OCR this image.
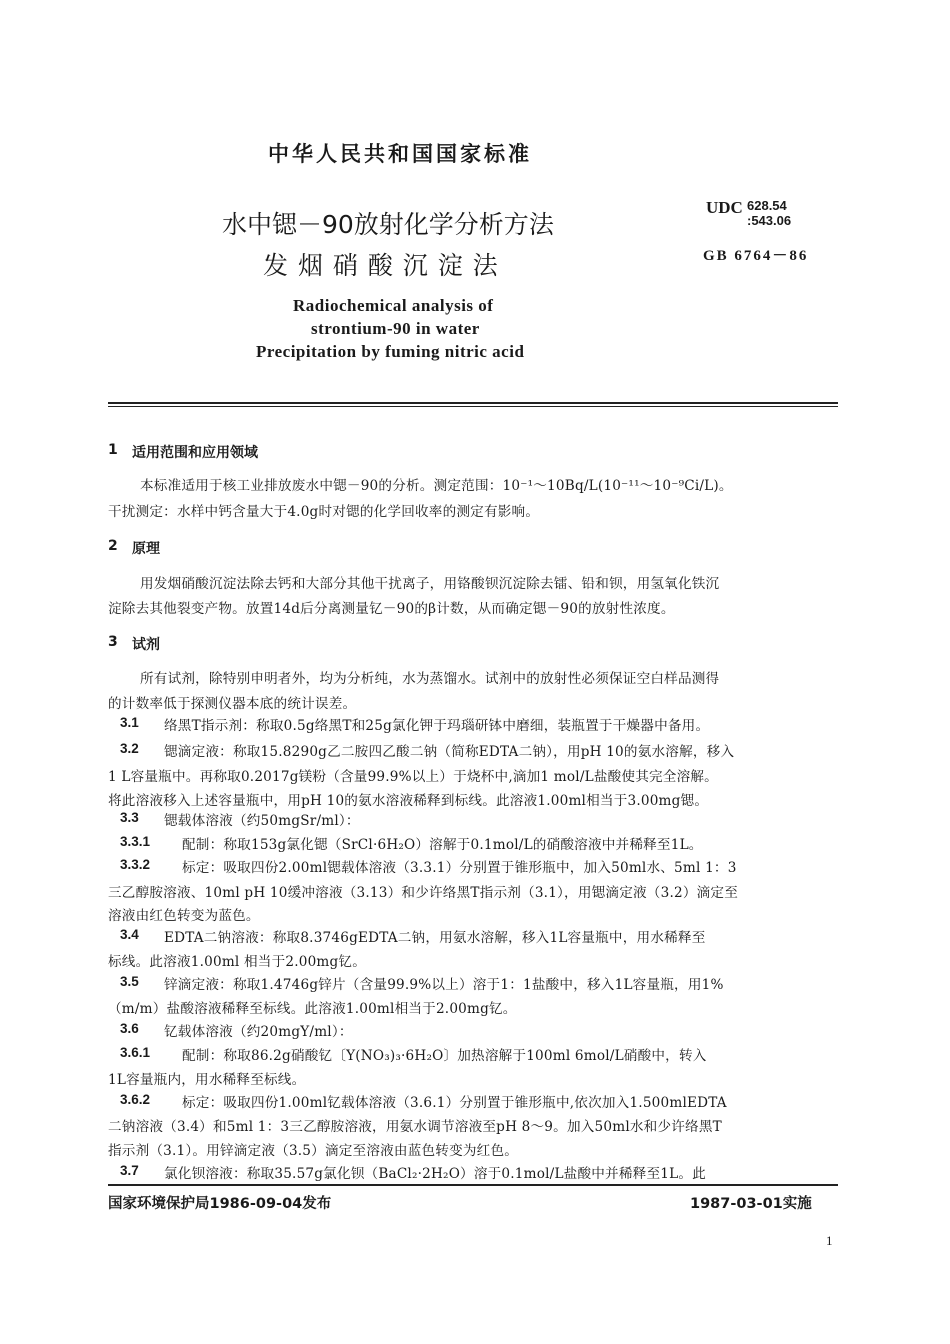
中华人民共和国国家标准
水中锶－90放射化学分析方法
发 烟 硝 酸 沉 淀 法
UDC 628.54
:543.06
GB 6764－86
Radiochemical analysis of
strontium-90 in water
Precipitation by fuming nitric acid
1 适用范围和应用领域
本标准适用于核工业排放废水中锶－90的分析。测定范围：10⁻¹～10Bq/L(10⁻¹¹～10⁻⁹Ci/L)。
干扰测定：水样中钙含量大于4.0g时对锶的化学回收率的测定有影响。
2 原理
用发烟硝酸沉淀法除去钙和大部分其他干扰离子，用铬酸钡沉淀除去镭、铅和钡，用氢氧化铁沉
淀除去其他裂变产物。放置14d后分离测量钇－90的β计数，从而确定锶－90的放射性浓度。
3 试剂
所有试剂，除特别申明者外，均为分析纯，水为蒸馏水。试剂中的放射性必须保证空白样品测得
的计数率低于探测仪器本底的统计误差。
3.1 络黑T指示剂：称取0.5g络黑T和25g氯化钾于玛瑙研钵中磨细，装瓶置于干燥器中备用。
3.2 锶滴定液：称取15.8290g乙二胺四乙酸二钠（简称EDTA二钠），用pH 10的氨水溶解，移入
1 L容量瓶中。再称取0.2017g镁粉（含量99.9%以上）于烧杯中,滴加1 mol/L盐酸使其完全溶解。
将此溶液移入上述容量瓶中，用pH 10的氨水溶液稀释到标线。此溶液1.00ml相当于3.00mg锶。
3.3 锶载体溶液（约50mgSr/ml）：
3.3.1 配制：称取153g氯化锶（SrCl·6H₂O）溶解于0.1mol/L的硝酸溶液中并稀释至1L。
3.3.2 标定：吸取四份2.00ml锶载体溶液（3.3.1）分别置于锥形瓶中，加入50ml水、5ml 1：3
三乙醇胺溶液、10ml pH 10缓冲溶液（3.13）和少许络黑T指示剂（3.1），用锶滴定液（3.2）滴定至
溶液由红色转变为蓝色。
3.4 EDTA二钠溶液：称取8.3746gEDTA二钠，用氨水溶解，移入1L容量瓶中，用水稀释至
标线。此溶液1.00ml 相当于2.00mg钇。
3.5 锌滴定液：称取1.4746g锌片（含量99.9%以上）溶于1：1盐酸中，移入1L容量瓶，用1%
（m/m）盐酸溶液稀释至标线。此溶液1.00ml相当于2.00mg钇。
3.6 钇载体溶液（约20mgY/ml）：
3.6.1 配制：称取86.2g硝酸钇〔Y(NO₃)₃·6H₂O〕加热溶解于100ml 6mol/L硝酸中，转入
1L容量瓶内，用水稀释至标线。
3.6.2 标定：吸取四份1.00ml钇载体溶液（3.6.1）分别置于锥形瓶中,依次加入1.500mlEDTA
二钠溶液（3.4）和5ml 1：3三乙醇胺溶液，用氨水调节溶液至pH 8～9。加入50ml水和少许络黑T
指示剂（3.1）。用锌滴定液（3.5）滴定至溶液由蓝色转变为红色。
3.7 氯化钡溶液：称取35.57g氯化钡（BaCl₂·2H₂O）溶于0.1mol/L盐酸中并稀释至1L。此
国家环境保护局1986-09-04发布	1987-03-01实施
1
